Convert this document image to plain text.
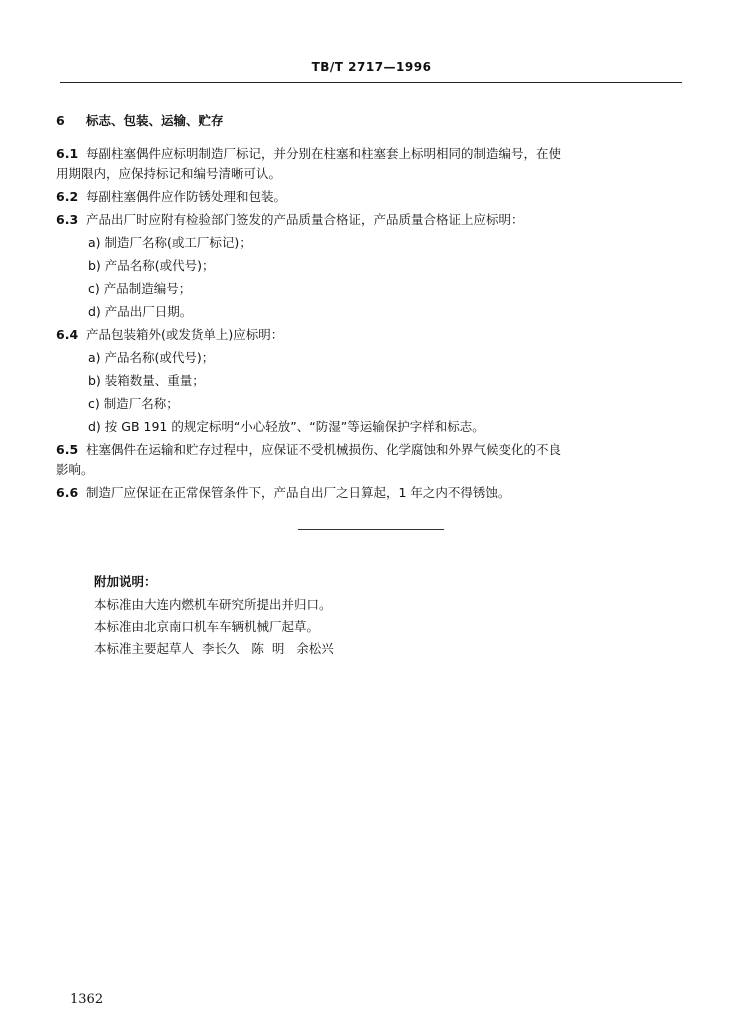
TB/T 2717—1996
6 标志、包装、运输、贮存
6.1 每副柱塞偶件应标明制造厂标记，并分别在柱塞和柱塞套上标明相同的制造编号，在使
用期限内，应保持标记和编号清晰可认。
6.2 每副柱塞偶件应作防锈处理和包装。
6.3 产品出厂时应附有检验部门签发的产品质量合格证，产品质量合格证上应标明：
a) 制造厂名称(或工厂标记)；
b) 产品名称(或代号)；
c) 产品制造编号；
d) 产品出厂日期。
6.4 产品包装箱外(或发货单上)应标明：
a) 产品名称(或代号)；
b) 装箱数量、重量；
c) 制造厂名称；
d) 按 GB 191 的规定标明“小心轻放”、“防湿”等运输保护字样和标志。
6.5 柱塞偶件在运输和贮存过程中，应保证不受机械损伤、化学腐蚀和外界气候变化的不良
影响。
6.6 制造厂应保证在正常保管条件下，产品自出厂之日算起，1 年之内不得锈蚀。
附加说明：
本标准由大连内燃机车研究所提出并归口。
本标准由北京南口机车车辆机械厂起草。
本标准主要起草人  李长久   陈  明   余松兴
1362
